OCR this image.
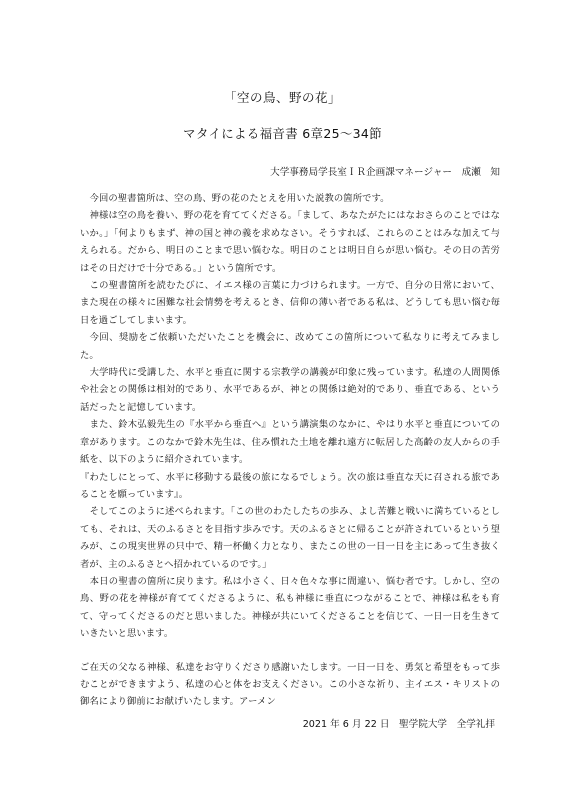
「空の鳥、野の花」
マタイによる福音書 6章25～34節
大学事務局学長室ＩＲ企画課マネージャー　成瀬　知

今回の聖書箇所は、空の鳥、野の花のたとえを用いた説教の箇所です。

神様は空の鳥を養い、野の花を育ててくださる。「まして、あなたがたにはなおさらのことではないか。」「何よりもまず、神の国と神の義を求めなさい。そうすれば、これらのことはみな加えて与えられる。だから、明日のことまで思い悩むな。明日のことは明日自らが思い悩む。その日の苦労はその日だけで十分である。」という箇所です。

この聖書箇所を読むたびに、イエス様の言葉に力づけられます。一方で、自分の日常において、また現在の様々に困難な社会情勢を考えるとき、信仰の薄い者である私は、どうしても思い悩む毎日を過ごしてしまいます。

今回、奨励をご依頼いただいたことを機会に、改めてこの箇所について私なりに考えてみました。

大学時代に受講した、水平と垂直に関する宗教学の講義が印象に残っています。私達の人間関係や社会との関係は相対的であり、水平であるが、神との関係は絶対的であり、垂直である、という話だったと記憶しています。

また、鈴木弘毅先生の『水平から垂直へ』という講演集のなかに、やはり水平と垂直についての章があります。このなかで鈴木先生は、住み慣れた土地を離れ遠方に転居した高齢の友人からの手紙を、以下のように紹介されています。

『わたしにとって、水平に移動する最後の旅になるでしょう。次の旅は垂直な天に召される旅であることを願っています』。

そしてこのように述べられます。「この世のわたしたちの歩み、よし苦難と戦いに満ちているとしても、それは、天のふるさとを目指す歩みです。天のふるさとに帰ることが許されているという望みが、この現実世界の只中で、精一杯働く力となり、またこの世の一日一日を主にあって生き抜く者が、主のふるさとへ招かれているのです。」

本日の聖書の箇所に戻ります。私は小さく、日々色々な事に間違い、悩む者です。しかし、空の鳥、野の花を神様が育ててくださるように、私も神様に垂直につながることで、神様は私をも育て、守ってくださるのだと思いました。神様が共にいてくださることを信じて、一日一日を生きていきたいと思います。

ご在天の父なる神様、私達をお守りくださり感謝いたします。一日一日を、勇気と希望をもって歩むことができますよう、私達の心と体をお支えください。この小さな祈り、主イエス・キリストの御名により御前にお献げいたします。アーメン

2021 年 6 月 22 日　聖学院大学　全学礼拝
